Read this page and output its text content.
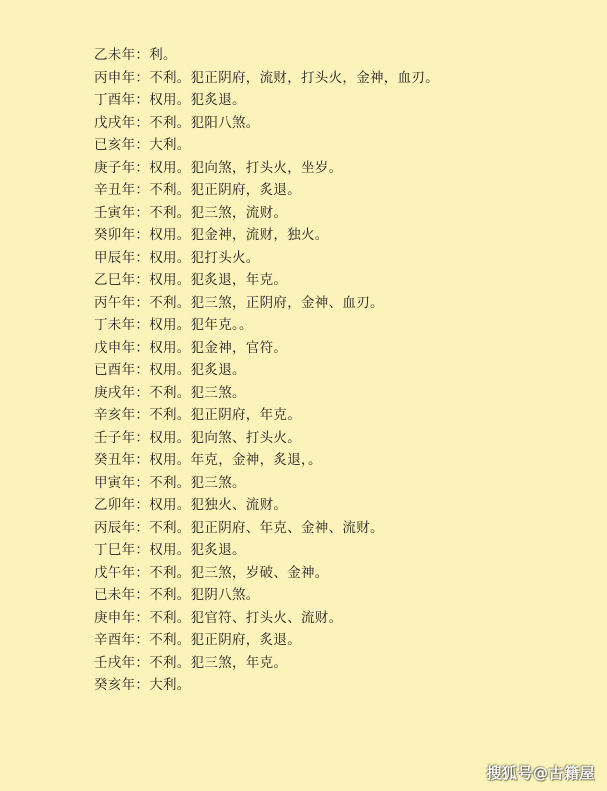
乙未年：利。
丙申年：不利。犯正阴府，流财，打头火，金神，血刃。
丁酉年：权用。犯炙退。
戊戌年：不利。犯阳八煞。
已亥年：大利。
庚子年：权用。犯向煞，打头火，坐岁。
辛丑年：不利。犯正阴府，炙退。
壬寅年：不利。犯三煞，流财。
癸卯年：权用。犯金神，流财，独火。
甲辰年：权用。犯打头火。
乙巳年：权用。犯炙退，年克。
丙午年：不利。犯三煞，正阴府，金神、血刃。
丁未年：权用。犯年克。。
戊申年：权用。犯金神，官符。
已酉年：权用。犯炙退。
庚戌年：不利。犯三煞。
辛亥年：不利。犯正阴府，年克。
壬子年：权用。犯向煞、打头火。
癸丑年：权用。年克，金神，炙退，。
甲寅年：不利。犯三煞。
乙卯年：权用。犯独火、流财。
丙辰年：不利。犯正阴府、年克、金神、流财。
丁巳年：权用。犯炙退。
戊午年：不利。犯三煞，岁破、金神。
已未年：不利。犯阴八煞。
庚申年：不利。犯官符、打头火、流财。
辛酉年：不利。犯正阴府，炙退。
壬戌年：不利。犯三煞，年克。
癸亥年：大利。
搜狐号@古籍屋
